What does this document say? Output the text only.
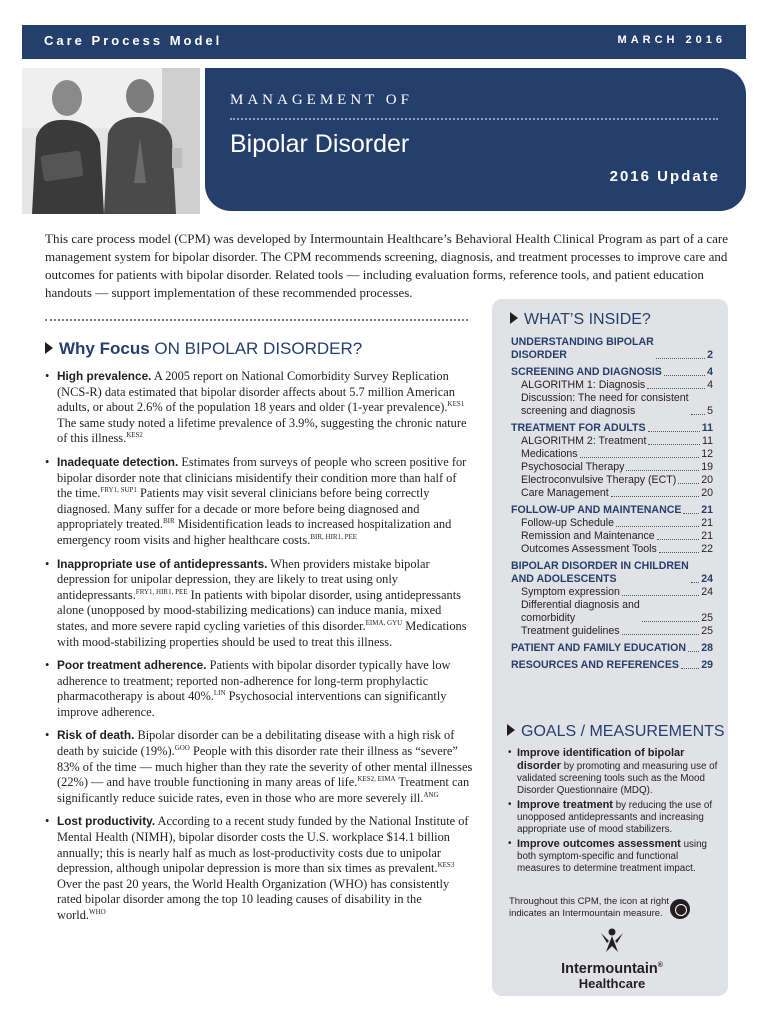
Care Process Model	MARCH 2016
MANAGEMENT OF
Bipolar Disorder
2016 Update

This care process model (CPM) was developed by Intermountain Healthcare’s Behavioral Health Clinical Program as part of a care management system for bipolar disorder. The CPM recommends screening, diagnosis, and treatment processes to improve care and outcomes for patients with bipolar disorder. Related tools — including evaluation forms, reference tools, and patient education handouts — support implementation of these recommended processes.

Why Focus ON BIPOLAR DISORDER?
• High prevalence. A 2005 report on National Comorbidity Survey Replication (NCS-R) data estimated that bipolar disorder affects about 5.7 million American adults, or about 2.6% of the population 18 years and older (1-year prevalence).$^{KES1}$ The same study noted a lifetime prevalence of 3.9%, suggesting the chronic nature of this illness.$^{KES2}$
• Inadequate detection. Estimates from surveys of people who screen positive for bipolar disorder note that clinicians misidentify their condition more than half of the time.$^{FRY1, SUP1}$ Patients may visit several clinicians before being correctly diagnosed. Many suffer for a decade or more before being diagnosed and appropriately treated.$^{BIR}$ Misidentification leads to increased hospitalization and emergency room visits and higher healthcare costs.$^{BIR, HIR1, PEE}$
• Inappropriate use of antidepressants. When providers mistake bipolar depression for unipolar depression, they are likely to treat using only antidepressants.$^{FRY1, HIR1, PEE}$ In patients with bipolar disorder, using antidepressants alone (unopposed by mood-stabilizing medications) can induce mania, mixed states, and more severe rapid cycling varieties of this disorder.$^{EIMA, GYU}$ Medications with mood-stabilizing properties should be used to treat this illness.
• Poor treatment adherence. Patients with bipolar disorder typically have low adherence to treatment; reported non-adherence for long-term prophylactic pharmacotherapy is about 40%.$^{LIN}$ Psychosocial interventions can significantly improve adherence.
• Risk of death. Bipolar disorder can be a debilitating disease with a high risk of death by suicide (19%).$^{GOO}$ People with this disorder rate their illness as “severe” 83% of the time — much higher than they rate the severity of other mental illnesses (22%) — and have trouble functioning in many areas of life.$^{KES2, EIMA}$ Treatment can significantly reduce suicide rates, even in those who are more severely ill.$^{ANG}$
• Lost productivity. According to a recent study funded by the National Institute of Mental Health (NIMH), bipolar disorder costs the U.S. workplace $14.1 billion annually; this is nearly half as much as lost-productivity costs due to unipolar depression, although unipolar depression is more than six times as prevalent.$^{KES3}$ Over the past 20 years, the World Health Organization (WHO) has consistently rated bipolar disorder among the top 10 leading causes of disability in the world.$^{WHO}$
WHAT’S INSIDE?
UNDERSTANDING BIPOLAR
DISORDER	2
SCREENING AND DIAGNOSIS	4
ALGORITHM 1: Diagnosis	4
Discussion: The need for consistent
screening and diagnosis	5
TREATMENT FOR ADULTS	11
ALGORITHM 2: Treatment	11
Medications	12
Psychosocial Therapy	19
Electroconvulsive Therapy (ECT) 20
Care Management	20
FOLLOW-UP AND MAINTENANCE 21
Follow-up Schedule	21
Remission and Maintenance	21
Outcomes Assessment Tools	22
BIPOLAR DISORDER IN CHILDREN
AND ADOLESCENTS	24
Symptom expression	24
Differential diagnosis and
comorbidity	25
Treatment guidelines	25
PATIENT AND FAMILY EDUCATION 28
RESOURCES AND REFERENCES 29
GOALS / MEASUREMENTS
• Improve identification of bipolar disorder by promoting and measuring use of validated screening tools such as the Mood Disorder Questionnaire (MDQ).
• Improve treatment by reducing the use of unopposed antidepressants and increasing appropriate use of mood stabilizers.
• Improve outcomes assessment using both symptom-specific and functional measures to determine treatment impact.
Throughout this CPM, the icon at right indicates an Intermountain measure.
Intermountain®
Healthcare
